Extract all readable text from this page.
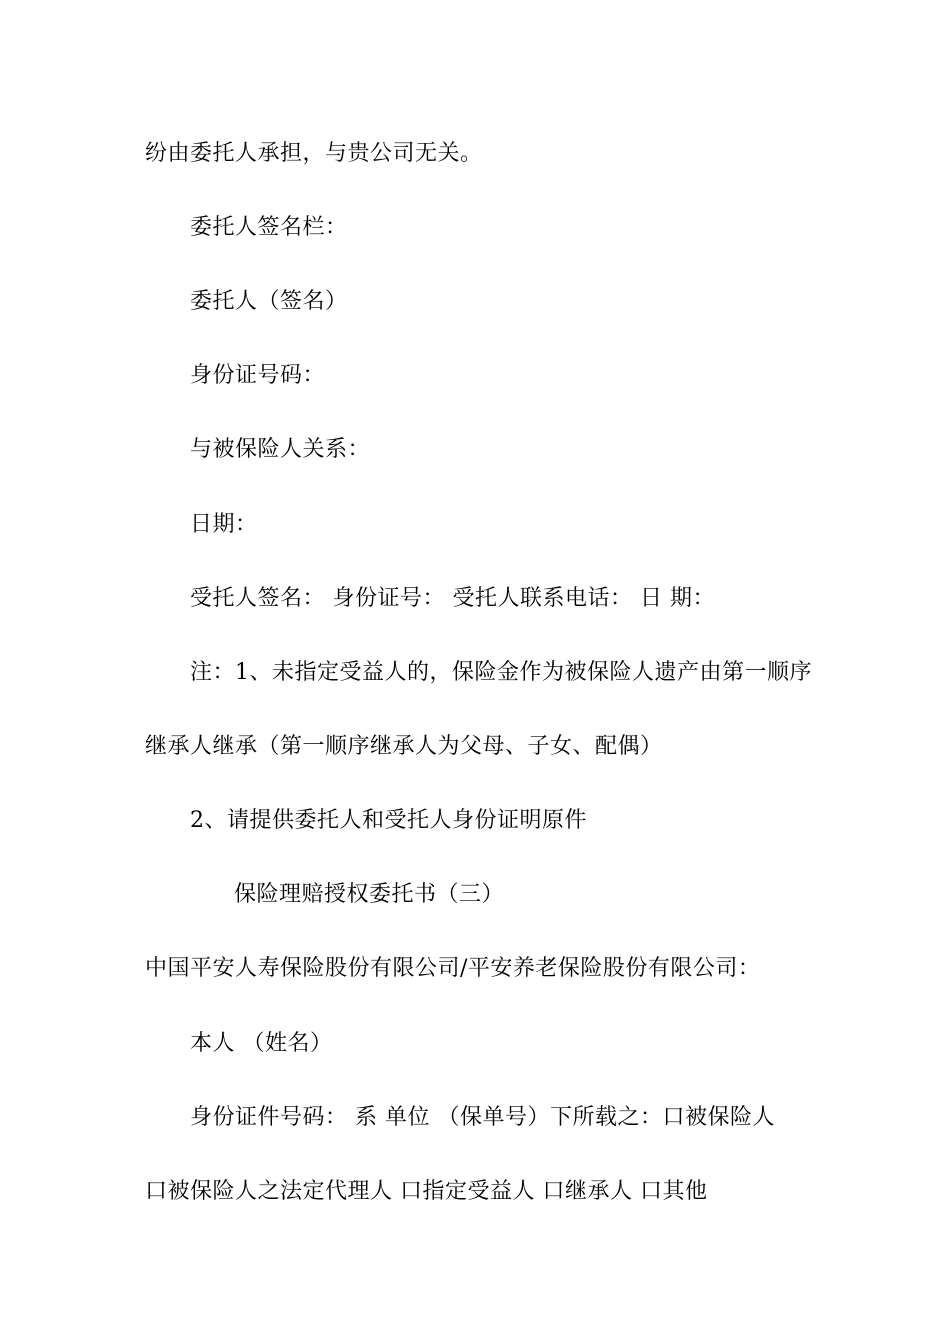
纷由委托人承担，与贵公司无关。
委托人签名栏：
委托人（签名）
身份证号码：
与被保险人关系：
日期：
受托人签名： 身份证号： 受托人联系电话： 日 期：
注：1、未指定受益人的，保险金作为被保险人遗产由第一顺序
继承人继承（第一顺序继承人为父母、子女、配偶）
2、请提供委托人和受托人身份证明原件
保险理赔授权委托书（三）
中国平安人寿保险股份有限公司/平安养老保险股份有限公司：
本人 （姓名）
身份证件号码： 系 单位 （保单号）下所载之：口被保险人
口被保险人之法定代理人 口指定受益人 口继承人 口其他
